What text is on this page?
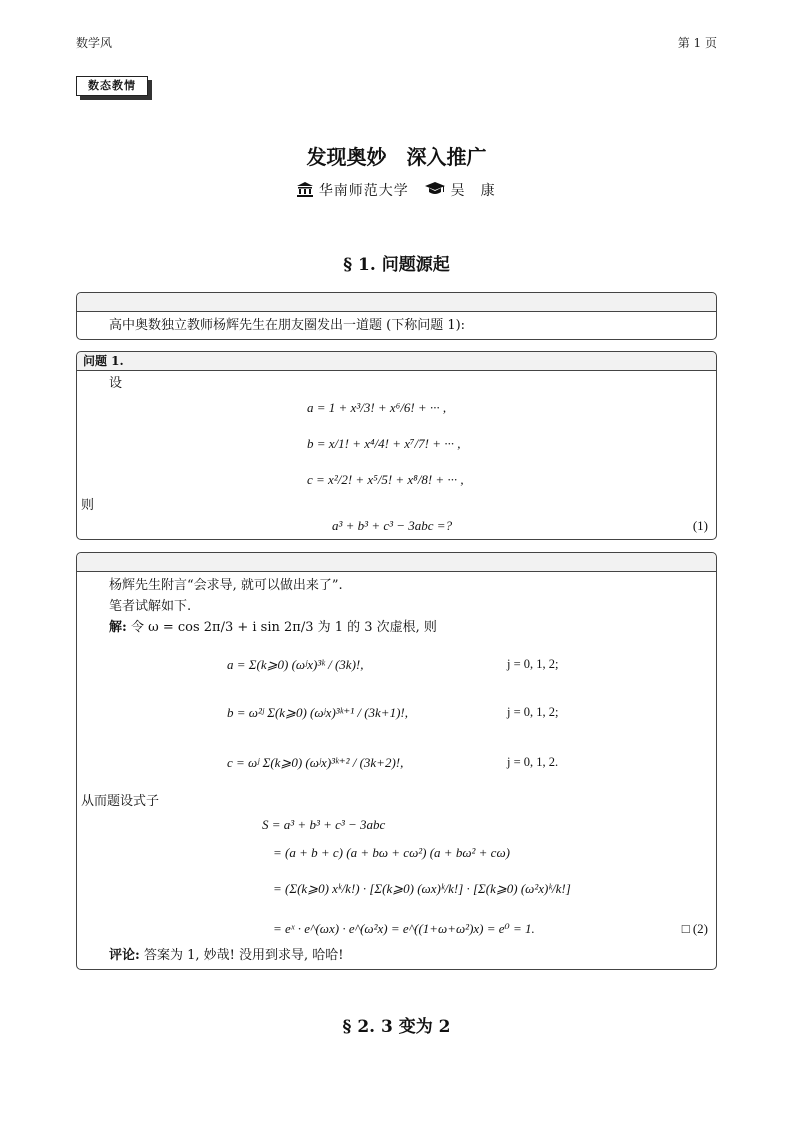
数学风	第 1 页
数态教情
发现奥妙　深入推广
华南师范大学	吴　康
§ 1. 问题源起
高中奥数独立教师杨辉先生在朋友圈发出一道题 (下称问题 1):
问题 1.
设
a = 1 + x³/3! + x⁶/6! + ··· ,
b = x/1! + x⁴/4! + x⁷/7! + ··· ,
c = x²/2! + x⁵/5! + x⁸/8! + ··· ,
则
a³ + b³ + c³ − 3abc =?	(1)
杨辉先生附言“会求导, 就可以做出来了”.
笔者试解如下.
解: 令 ω = cos 2π/3 + i sin 2π/3 为 1 的 3 次虚根, 则
a = Σ(k⩾0) (ωʲx)³ᵏ / (3k)!,	j = 0, 1, 2;
b = ω²ʲ Σ(k⩾0) (ωʲx)³ᵏ⁺¹ / (3k+1)!,	j = 0, 1, 2;
c = ωʲ Σ(k⩾0) (ωʲx)³ᵏ⁺² / (3k+2)!,	j = 0, 1, 2.
从而题设式子
S = a³ + b³ + c³ − 3abc
= (a + b + c) (a + bω + cω²) (a + bω² + cω)
= (Σ(k⩾0) xᵏ/k!) · [Σ(k⩾0) (ωx)ᵏ/k!] · [Σ(k⩾0) (ω²x)ᵏ/k!]
= eˣ · e^(ωx) · e^(ω²x) = e^((1+ω+ω²)x) = e⁰ = 1.	□ (2)
评论: 答案为 1, 妙哉! 没用到求导, 哈哈!
§ 2. 3 变为 2
